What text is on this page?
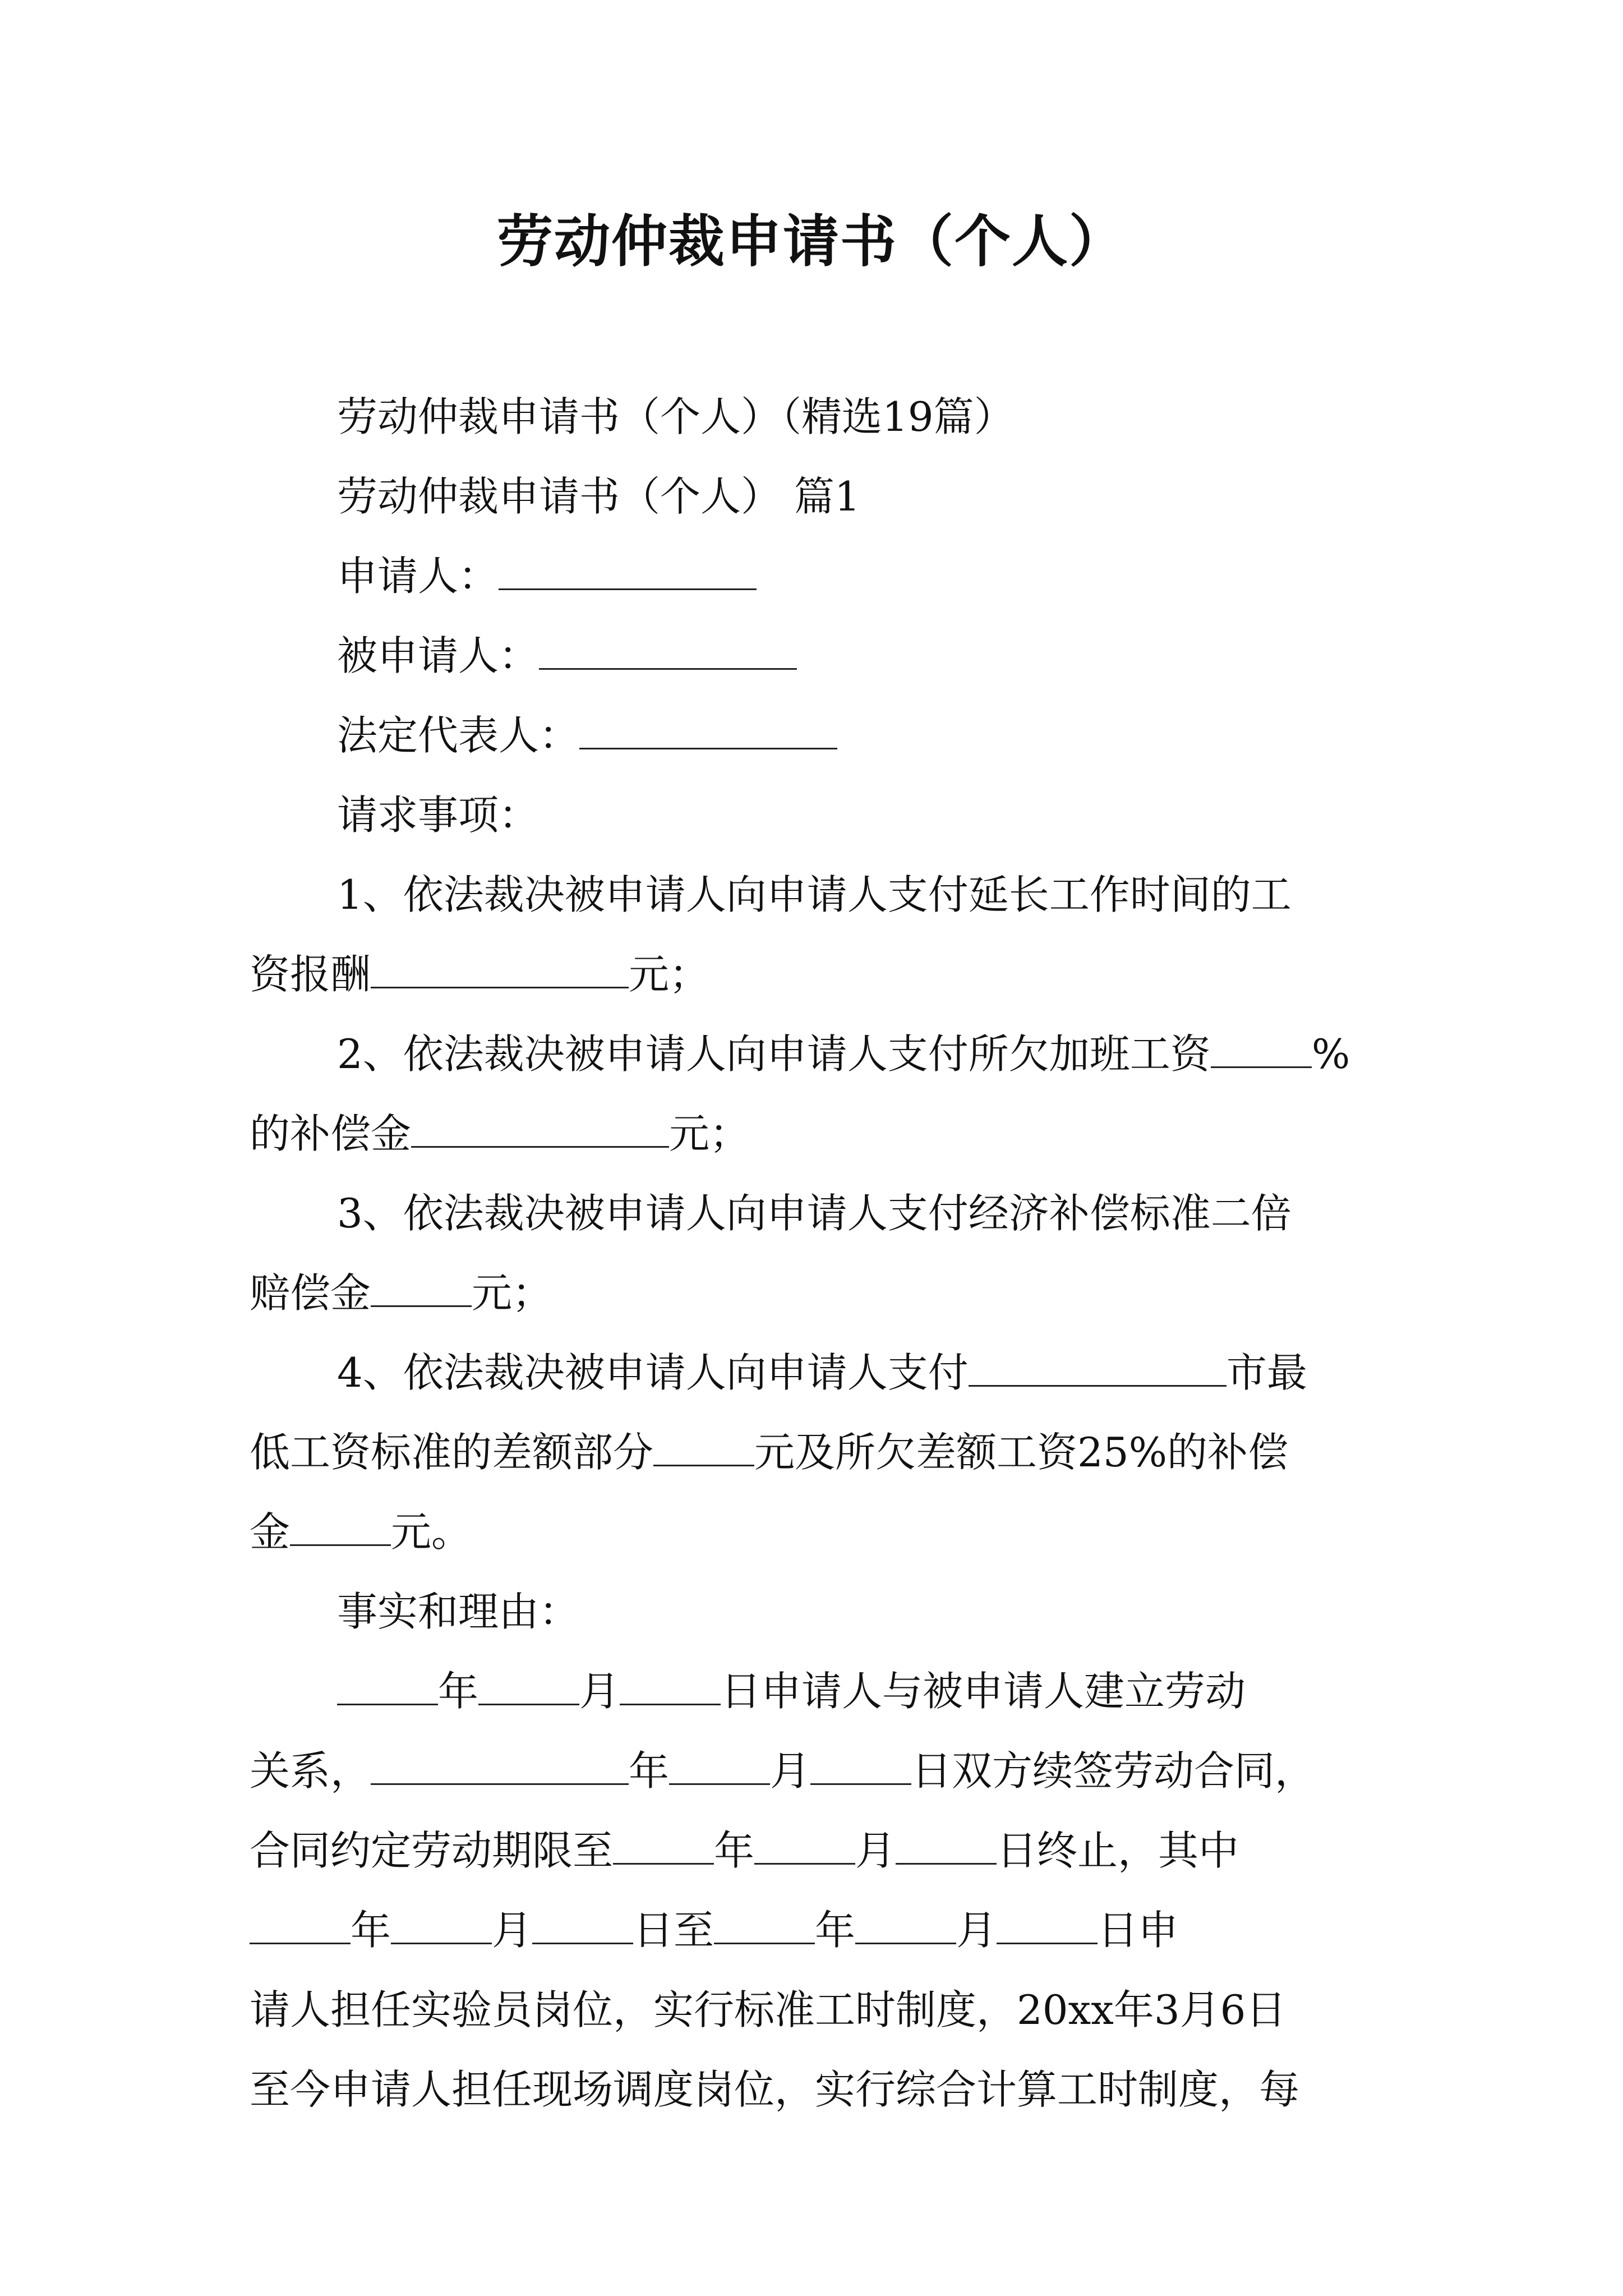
劳动仲裁申请书（个人）
劳动仲裁申请书（个人）（精选19篇）
劳动仲裁申请书（个人） 篇1
申请人：
被申请人：
法定代表人：
请求事项：
1、依法裁决被申请人向申请人支付延长工作时间的工
资报酬	元；
2、依法裁决被申请人向申请人支付所欠加班工资	%
的补偿金	元；
3、依法裁决被申请人向申请人支付经济补偿标准二倍
赔偿金	元；
4、依法裁决被申请人向申请人支付	市最
低工资标准的差额部分	元及所欠差额工资25%的补偿
金	元。
事实和理由：
年	月	日申请人与被申请人建立劳动
关系，	年	月	日双方续签劳动合同，
合同约定劳动期限至	年	月	日终止，其中
年	月	日至	年	月	日申
请人担任实验员岗位，实行标准工时制度，20xx年3月6日
至今申请人担任现场调度岗位，实行综合计算工时制度，每
